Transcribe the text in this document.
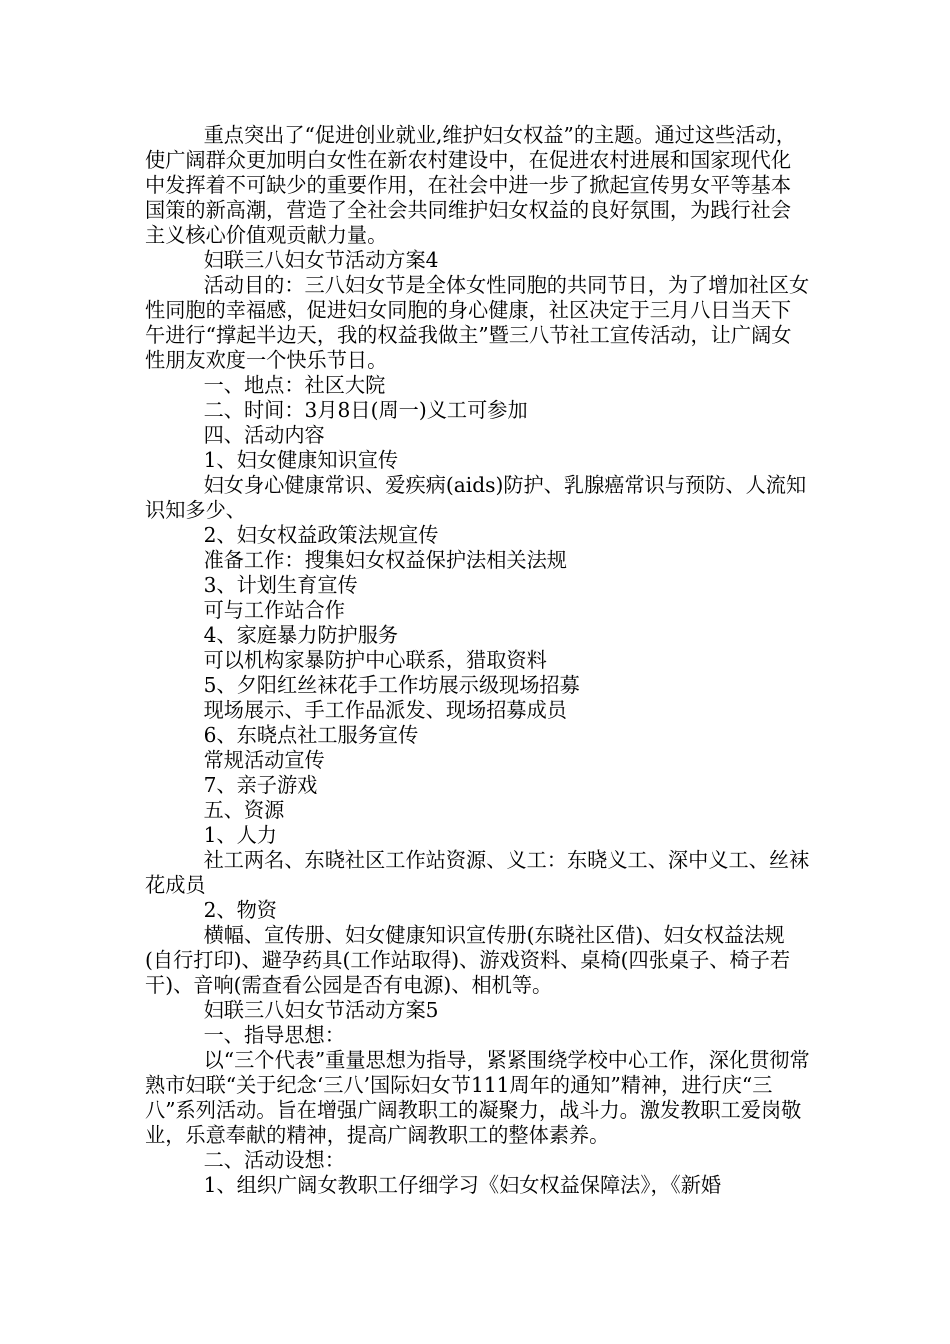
重点突出了“促进创业就业,维护妇女权益”的主题。通过这些活动，使广阔群众更加明白女性在新农村建设中，在促进农村进展和国家现代化中发挥着不可缺少的重要作用，在社会中进一步了掀起宣传男女平等基本国策的新高潮，营造了全社会共同维护妇女权益的良好氛围，为践行社会主义核心价值观贡献力量。

妇联三八妇女节活动方案4

活动目的：三八妇女节是全体女性同胞的共同节日，为了增加社区女性同胞的幸福感，促进妇女同胞的身心健康，社区决定于三月八日当天下午进行“撑起半边天，我的权益我做主”暨三八节社工宣传活动，让广阔女性朋友欢度一个快乐节日。

一、地点：社区大院

二、时间：3月8日(周一)义工可参加

四、活动内容

1、妇女健康知识宣传

妇女身心健康常识、爱疾病(aids)防护、乳腺癌常识与预防、人流知识知多少、

2、妇女权益政策法规宣传

准备工作：搜集妇女权益保护法相关法规

3、计划生育宣传

可与工作站合作

4、家庭暴力防护服务

可以机构家暴防护中心联系，猎取资料

5、夕阳红丝袜花手工作坊展示级现场招募

现场展示、手工作品派发、现场招募成员

6、东晓点社工服务宣传

常规活动宣传

7、亲子游戏

五、资源

1、人力

社工两名、东晓社区工作站资源、义工：东晓义工、深中义工、丝袜花成员

2、物资

横幅、宣传册、妇女健康知识宣传册(东晓社区借)、妇女权益法规(自行打印)、避孕药具(工作站取得)、游戏资料、桌椅(四张桌子、椅子若干)、音响(需查看公园是否有电源)、相机等。

妇联三八妇女节活动方案5

一、指导思想：

以“三个代表”重量思想为指导，紧紧围绕学校中心工作，深化贯彻常熟市妇联“关于纪念‘三八’国际妇女节111周年的通知”精神，进行庆“三八”系列活动。旨在增强广阔教职工的凝聚力，战斗力。激发教职工爱岗敬业，乐意奉献的精神，提高广阔教职工的整体素养。

二、活动设想：

1、组织广阔女教职工仔细学习《妇女权益保障法》，《新婚
